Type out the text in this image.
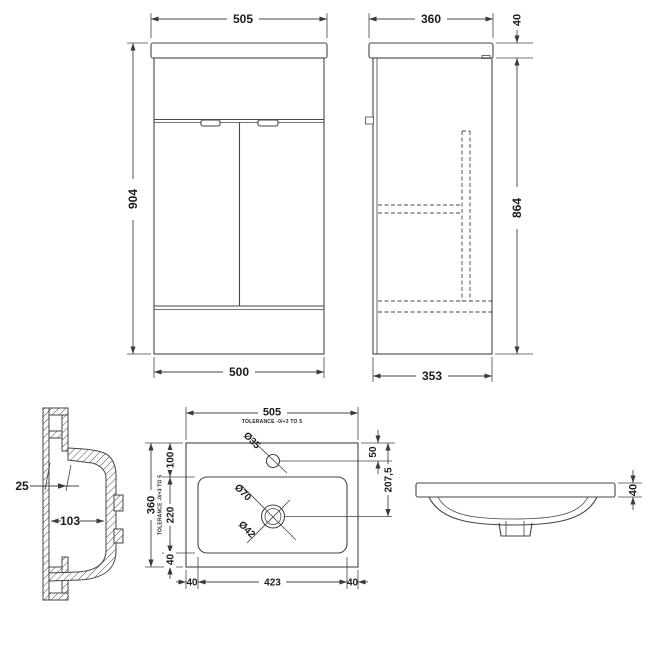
505
904
500
360	40
864
353
25
103
Ø35
Ø70
Ø42
505
TOLERANCE -0/+3 TO 5
360 TOLERANCE -0/+3 TO 5
100
220
40
50
207,5
40	423	40
40
